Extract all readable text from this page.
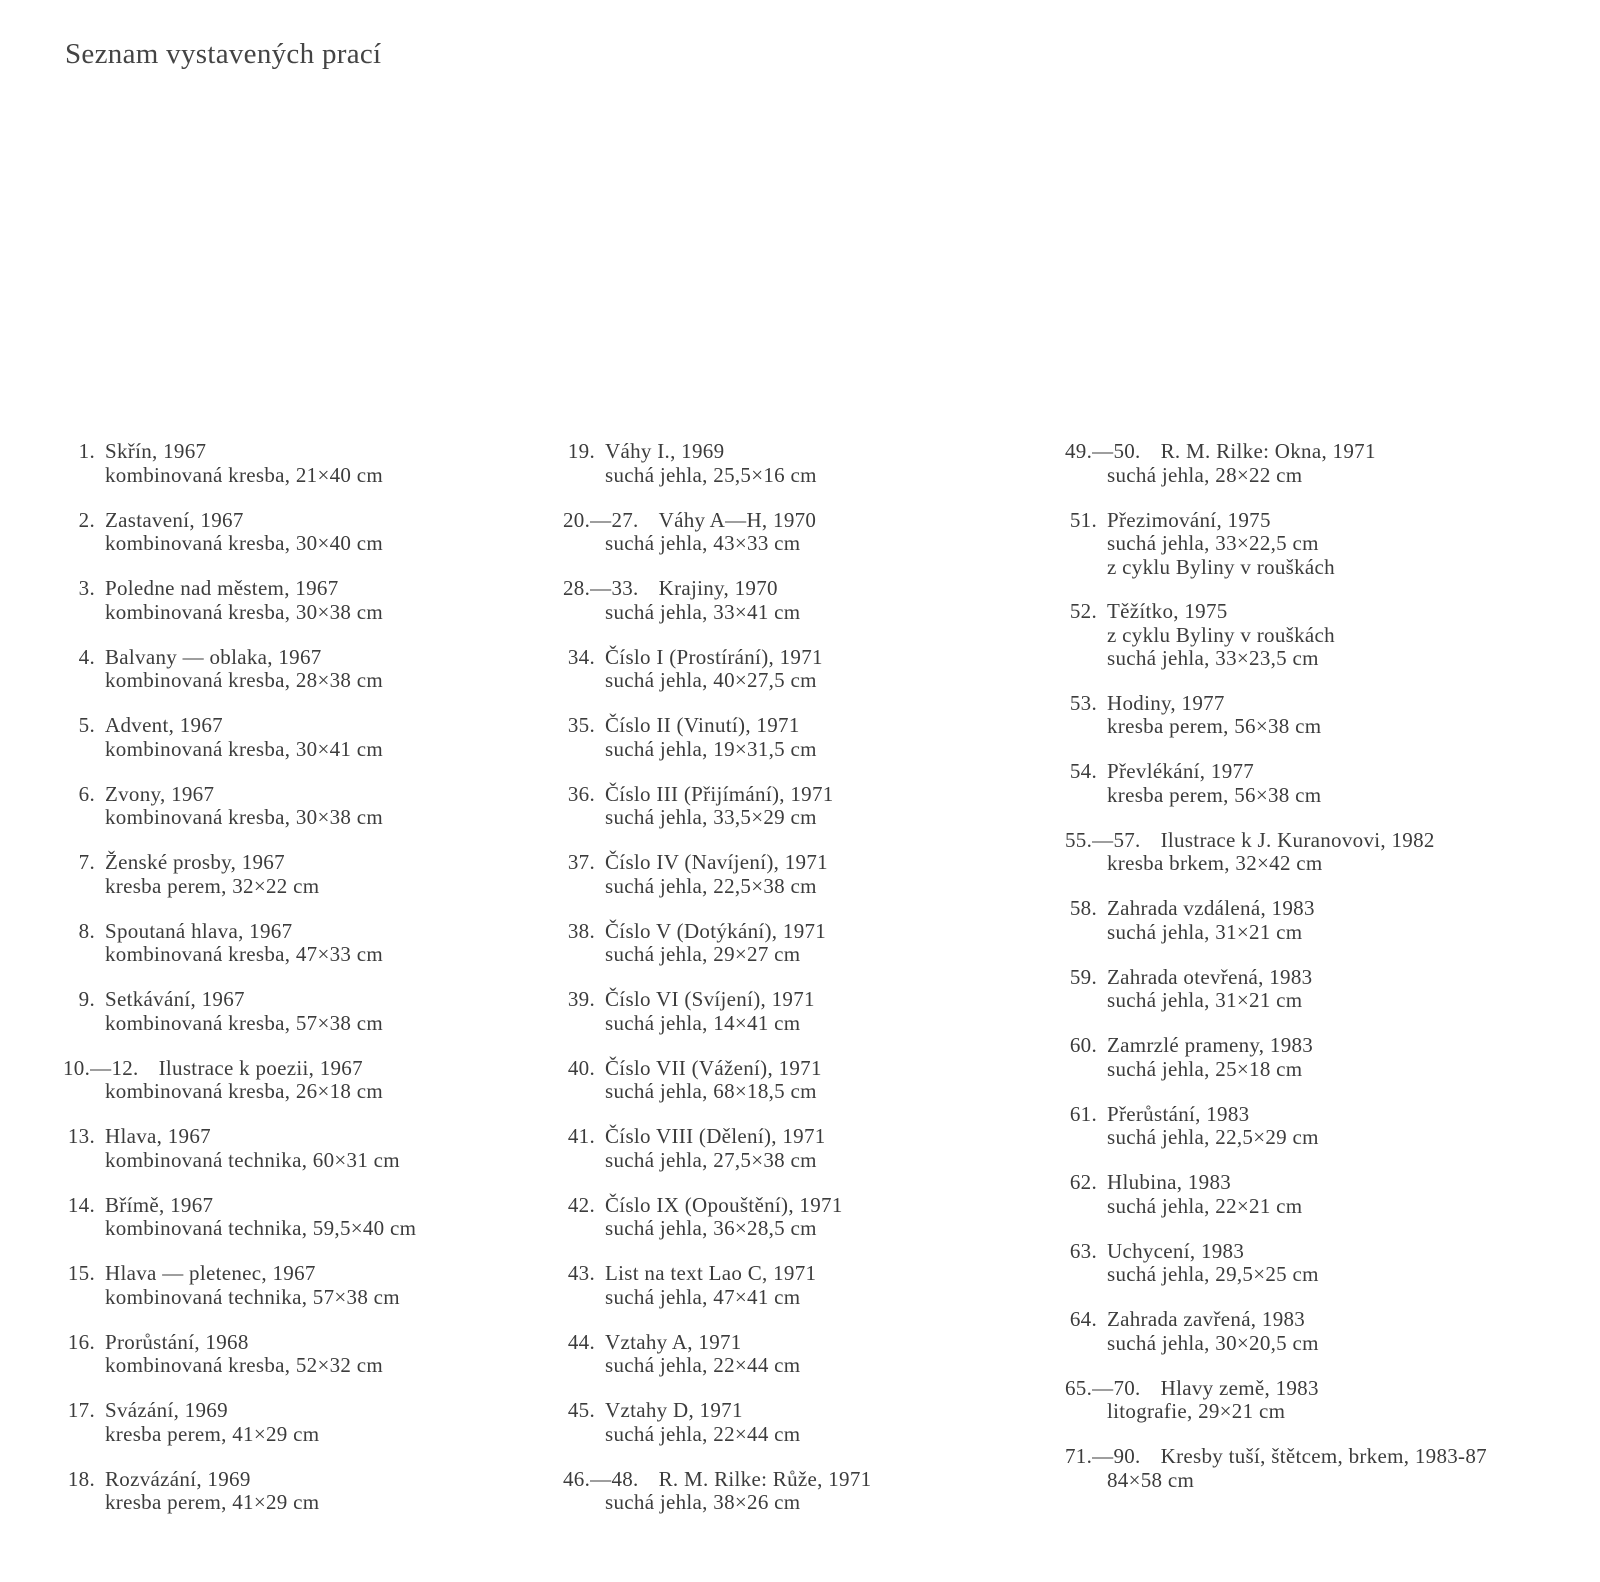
Seznam vystavených prací
1. Skřín, 1967
kombinovaná kresba, 21×40 cm
2. Zastavení, 1967
kombinovaná kresba, 30×40 cm
3. Poledne nad městem, 1967
kombinovaná kresba, 30×38 cm
4. Balvany — oblaka, 1967
kombinovaná kresba, 28×38 cm
5. Advent, 1967
kombinovaná kresba, 30×41 cm
6. Zvony, 1967
kombinovaná kresba, 30×38 cm
7. Ženské prosby, 1967
kresba perem, 32×22 cm
8. Spoutaná hlava, 1967
kombinovaná kresba, 47×33 cm
9. Setkávání, 1967
kombinovaná kresba, 57×38 cm
10.—12. Ilustrace k poezii, 1967
kombinovaná kresba, 26×18 cm
13. Hlava, 1967
kombinovaná technika, 60×31 cm
14. Břímě, 1967
kombinovaná technika, 59,5×40 cm
15. Hlava — pletenec, 1967
kombinovaná technika, 57×38 cm
16. Prorůstání, 1968
kombinovaná kresba, 52×32 cm
17. Svázání, 1969
kresba perem, 41×29 cm
18. Rozvázání, 1969
kresba perem, 41×29 cm
19. Váhy I., 1969
suchá jehla, 25,5×16 cm
20.—27. Váhy A—H, 1970
suchá jehla, 43×33 cm
28.—33. Krajiny, 1970
suchá jehla, 33×41 cm
34. Číslo I (Prostírání), 1971
suchá jehla, 40×27,5 cm
35. Číslo II (Vinutí), 1971
suchá jehla, 19×31,5 cm
36. Číslo III (Přijímání), 1971
suchá jehla, 33,5×29 cm
37. Číslo IV (Navíjení), 1971
suchá jehla, 22,5×38 cm
38. Číslo V (Dotýkání), 1971
suchá jehla, 29×27 cm
39. Číslo VI (Svíjení), 1971
suchá jehla, 14×41 cm
40. Číslo VII (Vážení), 1971
suchá jehla, 68×18,5 cm
41. Číslo VIII (Dělení), 1971
suchá jehla, 27,5×38 cm
42. Číslo IX (Opouštění), 1971
suchá jehla, 36×28,5 cm
43. List na text Lao C, 1971
suchá jehla, 47×41 cm
44. Vztahy A, 1971
suchá jehla, 22×44 cm
45. Vztahy D, 1971
suchá jehla, 22×44 cm
46.—48. R. M. Rilke: Růže, 1971
suchá jehla, 38×26 cm
49.—50. R. M. Rilke: Okna, 1971
suchá jehla, 28×22 cm
51. Přezimování, 1975
suchá jehla, 33×22,5 cm
z cyklu Byliny v rouškách
52. Těžítko, 1975
z cyklu Byliny v rouškách
suchá jehla, 33×23,5 cm
53. Hodiny, 1977
kresba perem, 56×38 cm
54. Převlékání, 1977
kresba perem, 56×38 cm
55.—57. Ilustrace k J. Kuranovovi, 1982
kresba brkem, 32×42 cm
58. Zahrada vzdálená, 1983
suchá jehla, 31×21 cm
59. Zahrada otevřená, 1983
suchá jehla, 31×21 cm
60. Zamrzlé prameny, 1983
suchá jehla, 25×18 cm
61. Přerůstání, 1983
suchá jehla, 22,5×29 cm
62. Hlubina, 1983
suchá jehla, 22×21 cm
63. Uchycení, 1983
suchá jehla, 29,5×25 cm
64. Zahrada zavřená, 1983
suchá jehla, 30×20,5 cm
65.—70. Hlavy země, 1983
litografie, 29×21 cm
71.—90. Kresby tuší, štětcem, brkem, 1983-87
84×58 cm
